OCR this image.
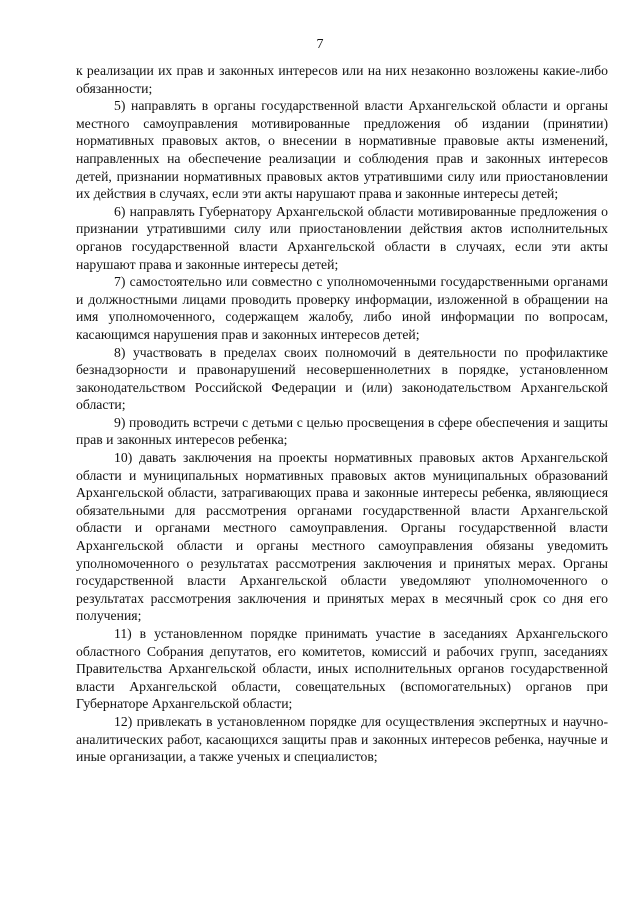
7

к реализации их прав и законных интересов или на них незаконно возложены какие-либо обязанности;

5) направлять в органы государственной власти Архангельской области и органы местного самоуправления мотивированные предложения об издании (принятии) нормативных правовых актов, о внесении в нормативные правовые акты изменений, направленных на обеспечение реализации и соблюдения прав и законных интересов детей, признании нормативных правовых актов утратившими силу или приостановлении их действия в случаях, если эти акты нарушают права и законные интересы детей;

6) направлять Губернатору Архангельской области мотивированные предложения о признании утратившими силу или приостановлении действия актов исполнительных органов государственной власти Архангельской области в случаях, если эти акты нарушают права и законные интересы детей;

7) самостоятельно или совместно с уполномоченными государственными органами и должностными лицами проводить проверку информации, изложенной в обращении на имя уполномоченного, содержащем жалобу, либо иной информации по вопросам, касающимся нарушения прав и законных интересов детей;

8) участвовать в пределах своих полномочий в деятельности по профилактике безнадзорности и правонарушений несовершеннолетних в порядке, установленном законодательством Российской Федерации и (или) законодательством Архангельской области;

9) проводить встречи с детьми с целью просвещения в сфере обеспечения и защиты прав и законных интересов ребенка;

10) давать заключения на проекты нормативных правовых актов Архангельской области и муниципальных нормативных правовых актов муниципальных образований Архангельской области, затрагивающих права и законные интересы ребенка, являющиеся обязательными для рассмотрения органами государственной власти Архангельской области и органами местного самоуправления. Органы государственной власти Архангельской области и органы местного самоуправления обязаны уведомить уполномоченного о результатах рассмотрения заключения и принятых мерах. Органы государственной власти Архангельской области уведомляют уполномоченного о результатах рассмотрения заключения и принятых мерах в месячный срок со дня его получения;

11) в установленном порядке принимать участие в заседаниях Архангельского областного Собрания депутатов, его комитетов, комиссий и рабочих групп, заседаниях Правительства Архангельской области, иных исполнительных органов государственной власти Архангельской области, совещательных (вспомогательных) органов при Губернаторе Архангельской области;

12) привлекать в установленном порядке для осуществления экспертных и научно-аналитических работ, касающихся защиты прав и законных интересов ребенка, научные и иные организации, а также ученых и специалистов;
